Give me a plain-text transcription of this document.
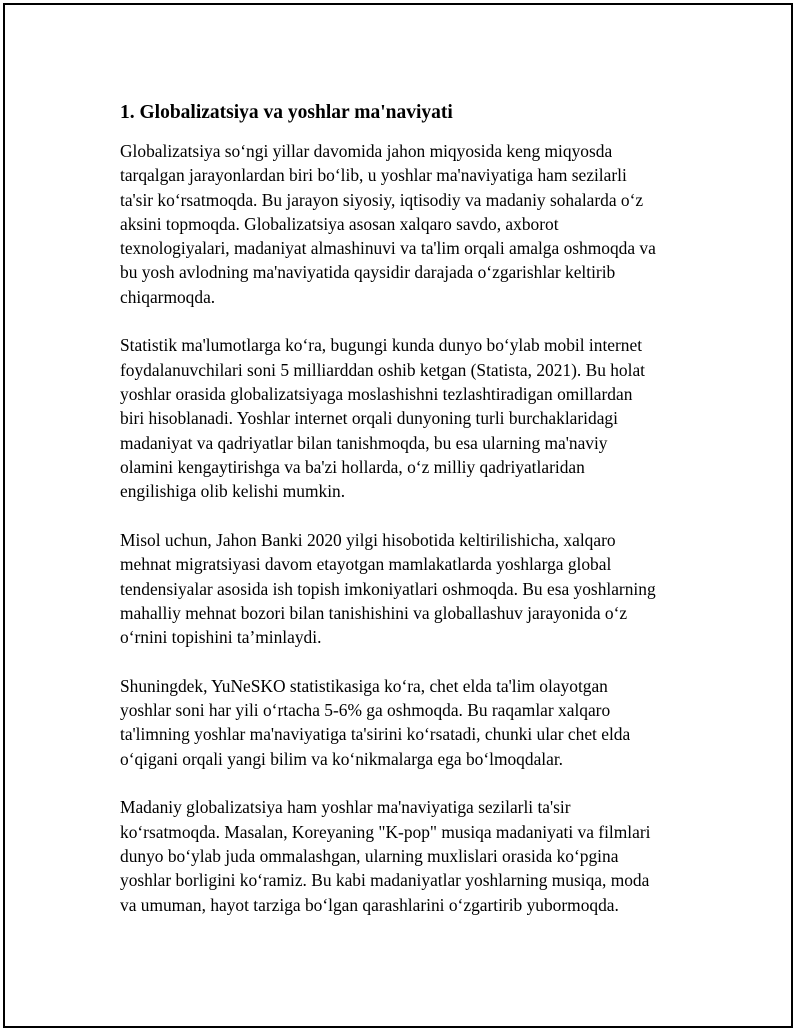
1. Globalizatsiya va yoshlar ma'naviyati

Globalizatsiya so‘ngi yillar davomida jahon miqyosida keng miqyosda
tarqalgan jarayonlardan biri bo‘lib, u yoshlar ma'naviyatiga ham sezilarli
ta'sir ko‘rsatmoqda. Bu jarayon siyosiy, iqtisodiy va madaniy sohalarda o‘z
aksini topmoqda. Globalizatsiya asosan xalqaro savdo, axborot
texnologiyalari, madaniyat almashinuvi va ta'lim orqali amalga oshmoqda va
bu yosh avlodning ma'naviyatida qaysidir darajada o‘zgarishlar keltirib
chiqarmoqda.

Statistik ma'lumotlarga ko‘ra, bugungi kunda dunyo bo‘ylab mobil internet
foydalanuvchilari soni 5 milliarddan oshib ketgan (Statista, 2021). Bu holat
yoshlar orasida globalizatsiyaga moslashishni tezlashtiradigan omillardan
biri hisoblanadi. Yoshlar internet orqali dunyoning turli burchaklaridagi
madaniyat va qadriyatlar bilan tanishmoqda, bu esa ularning ma'naviy
olamini kengaytirishga va ba'zi hollarda, o‘z milliy qadriyatlaridan
engilishiga olib kelishi mumkin.

Misol uchun, Jahon Banki 2020 yilgi hisobotida keltirilishicha, xalqaro
mehnat migratsiyasi davom etayotgan mamlakatlarda yoshlarga global
tendensiyalar asosida ish topish imkoniyatlari oshmoqda. Bu esa yoshlarning
mahalliy mehnat bozori bilan tanishishini va globallashuv jarayonida o‘z
o‘rnini topishini ta’minlaydi.

Shuningdek, YuNeSKO statistikasiga ko‘ra, chet elda ta'lim olayotgan
yoshlar soni har yili o‘rtacha 5-6% ga oshmoqda. Bu raqamlar xalqaro
ta'limning yoshlar ma'naviyatiga ta'sirini ko‘rsatadi, chunki ular chet elda
o‘qigani orqali yangi bilim va ko‘nikmalarga ega bo‘lmoqdalar.

Madaniy globalizatsiya ham yoshlar ma'naviyatiga sezilarli ta'sir
ko‘rsatmoqda. Masalan, Koreyaning "K-pop" musiqa madaniyati va filmlari
dunyo bo‘ylab juda ommalashgan, ularning muxlislari orasida ko‘pgina
yoshlar borligini ko‘ramiz. Bu kabi madaniyatlar yoshlarning musiqa, moda
va umuman, hayot tarziga bo‘lgan qarashlarini o‘zgartirib yubormoqda.
